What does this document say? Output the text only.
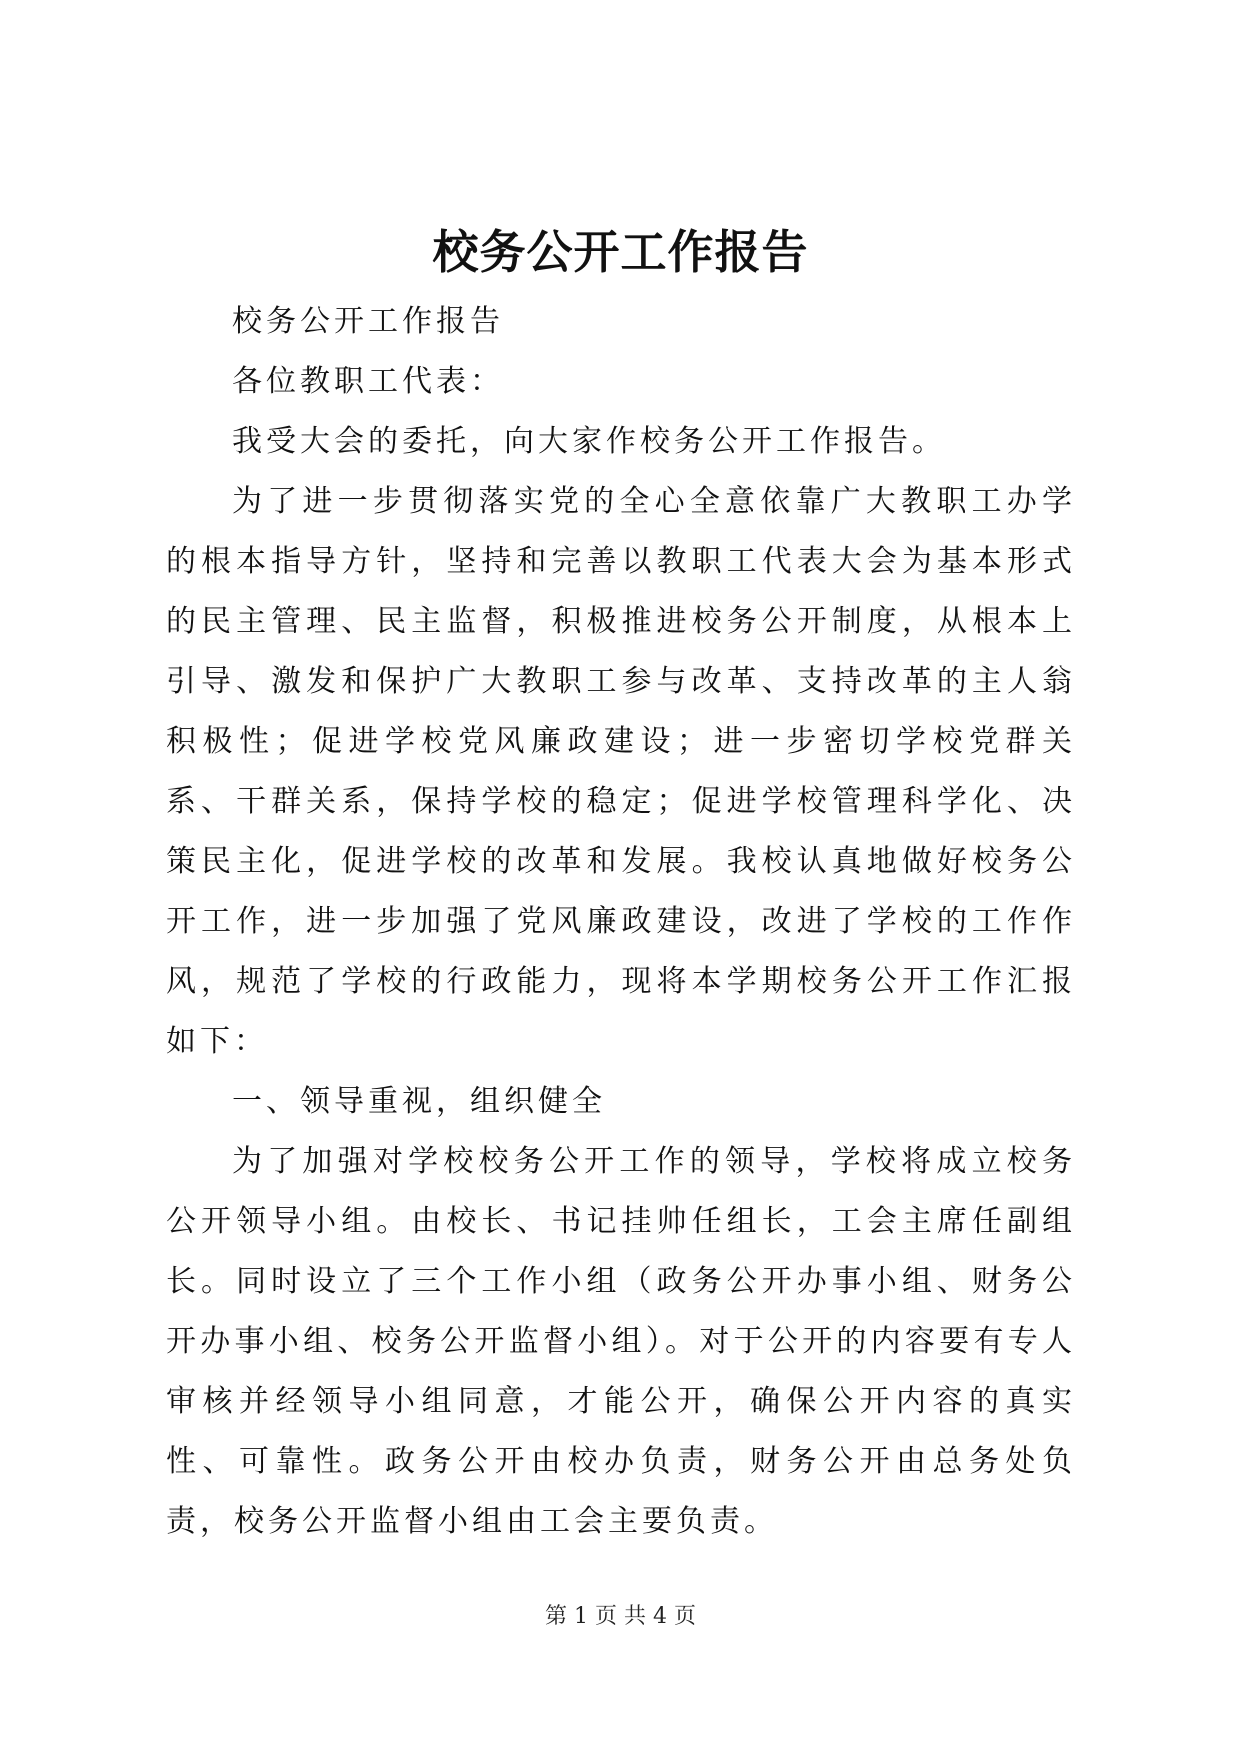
校务公开工作报告

校务公开工作报告

各位教职工代表：

我受大会的委托，向大家作校务公开工作报告。

为了进一步贯彻落实党的全心全意依靠广大教职工办学的根本指导方针，坚持和完善以教职工代表大会为基本形式的民主管理、民主监督，积极推进校务公开制度，从根本上引导、激发和保护广大教职工参与改革、支持改革的主人翁积极性；促进学校党风廉政建设；进一步密切学校党群关系、干群关系，保持学校的稳定；促进学校管理科学化、决策民主化，促进学校的改革和发展。我校认真地做好校务公开工作，进一步加强了党风廉政建设，改进了学校的工作作风，规范了学校的行政能力，现将本学期校务公开工作汇报如下：

一、领导重视，组织健全

为了加强对学校校务公开工作的领导，学校将成立校务公开领导小组。由校长、书记挂帅任组长，工会主席任副组长。同时设立了三个工作小组（政务公开办事小组、财务公开办事小组、校务公开监督小组）。对于公开的内容要有专人审核并经领导小组同意，才能公开，确保公开内容的真实性、可靠性。政务公开由校办负责，财务公开由总务处负责，校务公开监督小组由工会主要负责。

第 1 页 共 4 页
